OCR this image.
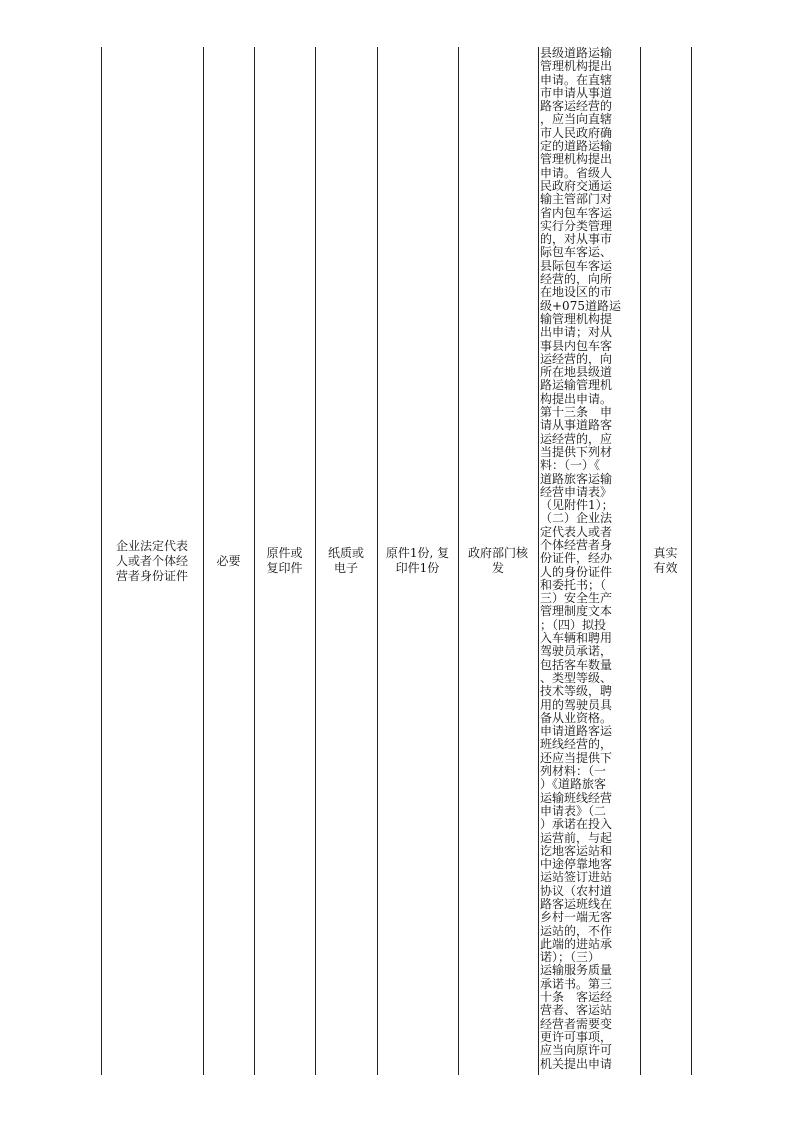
企业法定代表
人或者个体经
营者身份证件
必要
原件或
复印件
纸质或
电子
原件1份, 复
印件1份
政府部门核
发
县级道路运输
管理机构提出
申请。在直辖
市申请从事道
路客运经营的
，应当向直辖
市人民政府确
定的道路运输
管理机构提出
申请。省级人
民政府交通运
输主管部门对
省内包车客运
实行分类管理
的，对从事市
际包车客运、
县际包车客运
经营的，向所
在地设区的市
级+075道路运
输管理机构提
出申请；对从
事县内包车客
运经营的，向
所在地县级道
路运输管理机
构提出申请。
第十三条　申
请从事道路客
运经营的，应
当提供下列材
料：（一）《
道路旅客运输
经营申请表》
（见附件1）；
（二）企业法
定代表人或者
个体经营者身
份证件，经办
人的身份证件
和委托书；（
三）安全生产
管理制度文本
；（四）拟投
入车辆和聘用
驾驶员承诺，
包括客车数量
、类型等级、
技术等级，聘
用的驾驶员具
备从业资格。
申请道路客运
班线经营的，
还应当提供下
列材料：（一
）《道路旅客
运输班线经营
申请表》（二
）承诺在投入
运营前，与起
讫地客运站和
中途停靠地客
运站签订进站
协议（农村道
路客运班线在
乡村一端无客
运站的，不作
此端的进站承
诺）；（三）
运输服务质量
承诺书。第三
十条　客运经
营者、客运站
经营者需要变
更许可事项，
应当向原许可
机关提出申请
真实
有效
